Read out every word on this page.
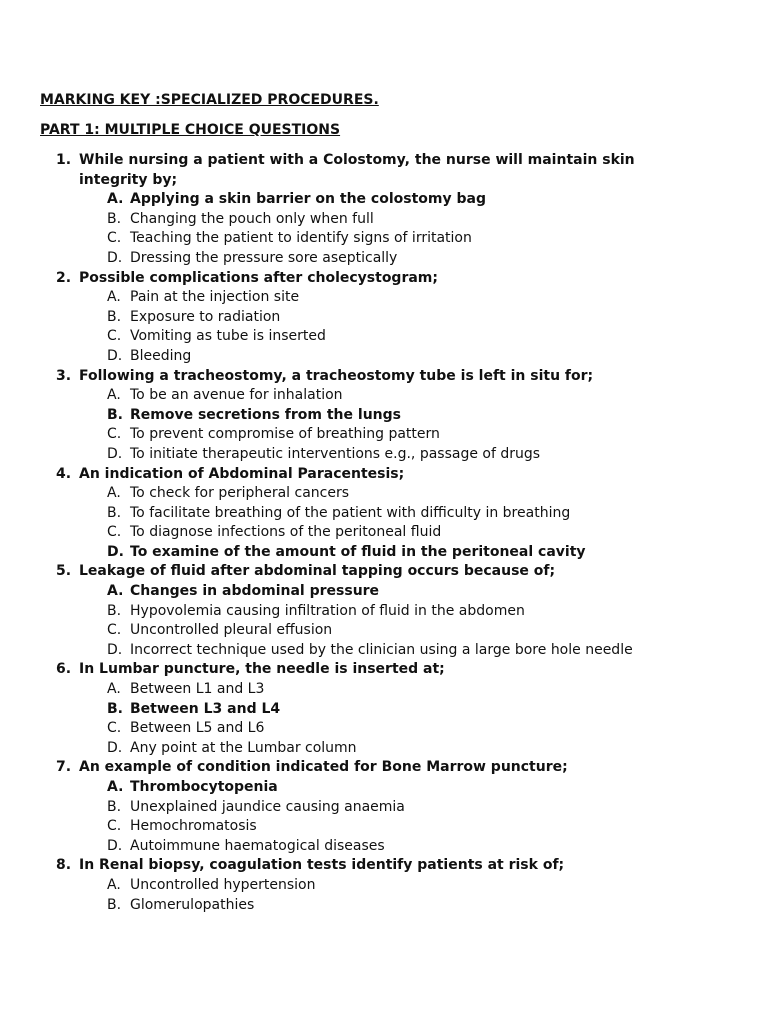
MARKING KEY :SPECIALIZED PROCEDURES.
PART 1: MULTIPLE CHOICE QUESTIONS
1. While nursing a patient with a Colostomy, the nurse will maintain skin integrity by;
A. Applying a skin barrier on the colostomy bag
B. Changing the pouch only when full
C. Teaching the patient to identify signs of irritation
D. Dressing the pressure sore aseptically
2. Possible complications after cholecystogram;
A. Pain at the injection site
B. Exposure to radiation
C. Vomiting as tube is inserted
D. Bleeding
3. Following a tracheostomy, a tracheostomy tube is left in situ for;
A. To be an avenue for inhalation
B. Remove secretions from the lungs
C. To prevent compromise of breathing pattern
D. To initiate therapeutic interventions e.g., passage of drugs
4. An indication of Abdominal Paracentesis;
A. To check for peripheral cancers
B. To facilitate breathing of the patient with difficulty in breathing
C. To diagnose infections of the peritoneal fluid
D. To examine of the amount of fluid in the peritoneal cavity
5. Leakage of fluid after abdominal tapping occurs because of;
A. Changes in abdominal pressure
B. Hypovolemia causing infiltration of fluid in the abdomen
C. Uncontrolled pleural effusion
D. Incorrect technique used by the clinician using a large bore hole needle
6. In Lumbar puncture, the needle is inserted at;
A. Between L1 and L3
B. Between L3 and L4
C. Between L5 and L6
D. Any point at the Lumbar column
7. An example of condition indicated for Bone Marrow puncture;
A. Thrombocytopenia
B. Unexplained jaundice causing anaemia
C. Hemochromatosis
D. Autoimmune haematogical diseases
8. In Renal biopsy, coagulation tests identify patients at risk of;
A. Uncontrolled hypertension
B. Glomerulopathies
